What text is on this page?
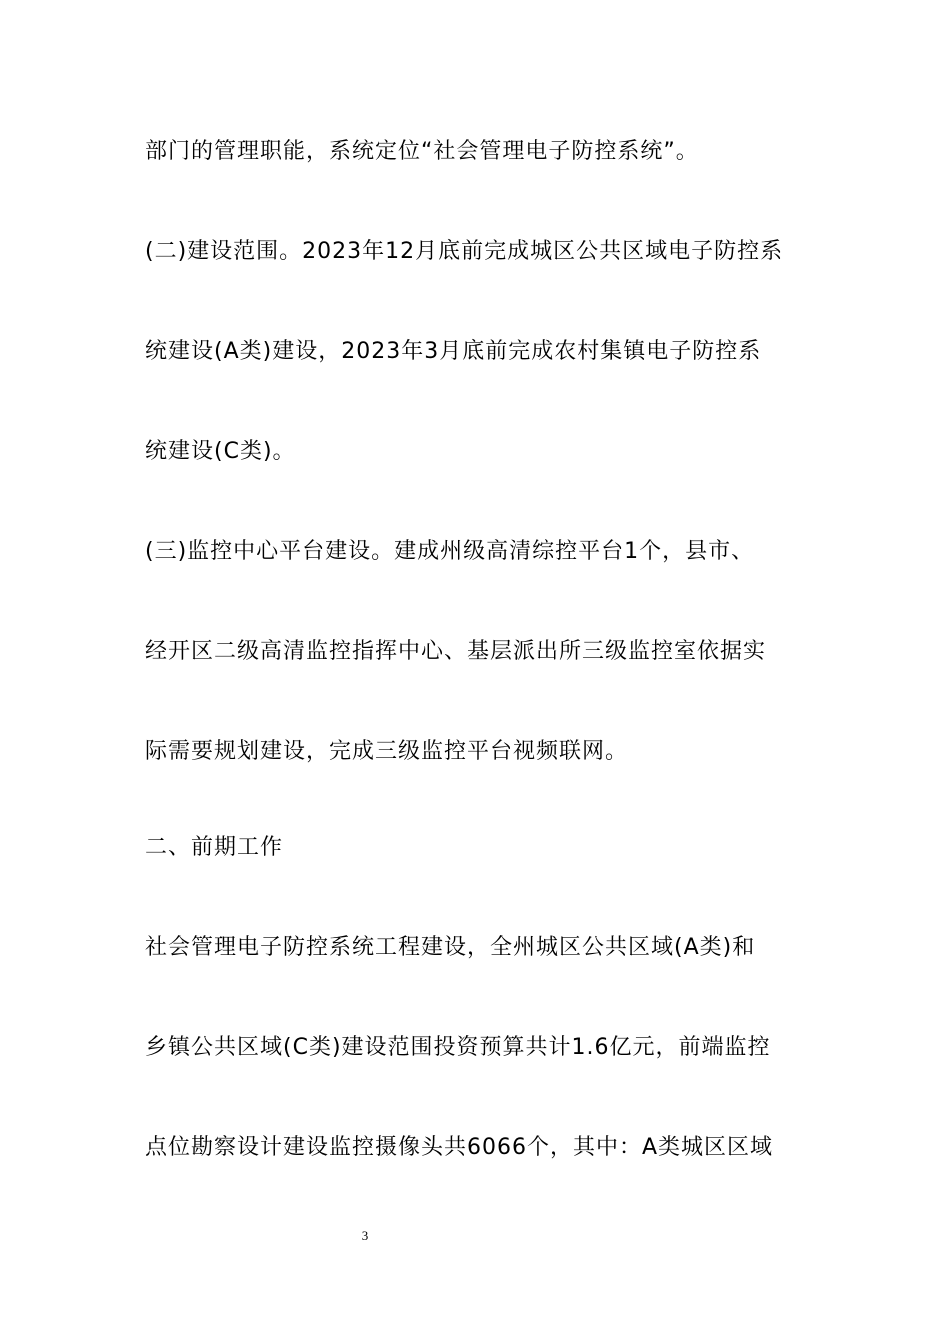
部门的管理职能，系统定位“社会管理电子防控系统”。
(二)建设范围。2023年12月底前完成城区公共区域电子防控系
统建设(A类)建设，2023年3月底前完成农村集镇电子防控系
统建设(C类)。
(三)监控中心平台建设。建成州级高清综控平台1个，县市、
经开区二级高清监控指挥中心、基层派出所三级监控室依据实
际需要规划建设，完成三级监控平台视频联网。
二、前期工作
社会管理电子防控系统工程建设，全州城区公共区域(A类)和
乡镇公共区域(C类)建设范围投资预算共计1.6亿元，前端监控
点位勘察设计建设监控摄像头共6066个，其中：A类城区区域
3
